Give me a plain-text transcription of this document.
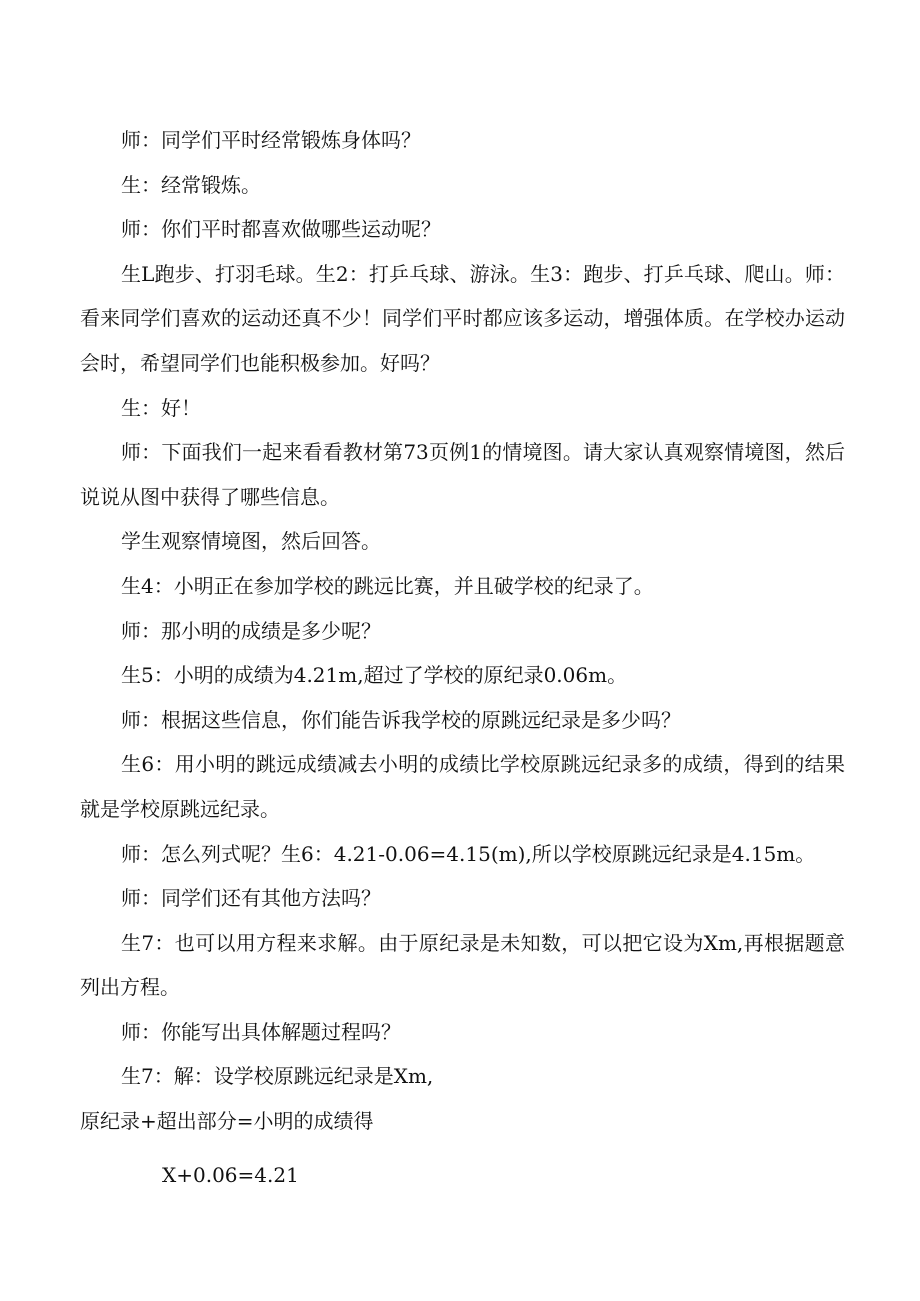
师：同学们平时经常锻炼身体吗？

生：经常锻炼。

师：你们平时都喜欢做哪些运动呢？

生L跑步、打羽毛球。生2：打乒乓球、游泳。生3：跑步、打乒乓球、爬山。师：看来同学们喜欢的运动还真不少！同学们平时都应该多运动，增强体质。在学校办运动会时，希望同学们也能积极参加。好吗？

生：好！

师：下面我们一起来看看教材第73页例1的情境图。请大家认真观察情境图，然后说说从图中获得了哪些信息。

学生观察情境图，然后回答。

生4：小明正在参加学校的跳远比赛，并且破学校的纪录了。

师：那小明的成绩是多少呢？

生5：小明的成绩为4.21m,超过了学校的原纪录0.06m。

师：根据这些信息，你们能告诉我学校的原跳远纪录是多少吗？

生6：用小明的跳远成绩减去小明的成绩比学校原跳远纪录多的成绩，得到的结果就是学校原跳远纪录。

师：怎么列式呢？生6：4.21-0.06=4.15(m),所以学校原跳远纪录是4.15m。

师：同学们还有其他方法吗？

生7：也可以用方程来求解。由于原纪录是未知数，可以把它设为Xm,再根据题意列出方程。

师：你能写出具体解题过程吗？

生7：解：设学校原跳远纪录是Xm,

原纪录+超出部分=小明的成绩得

X+0.06=4.21
